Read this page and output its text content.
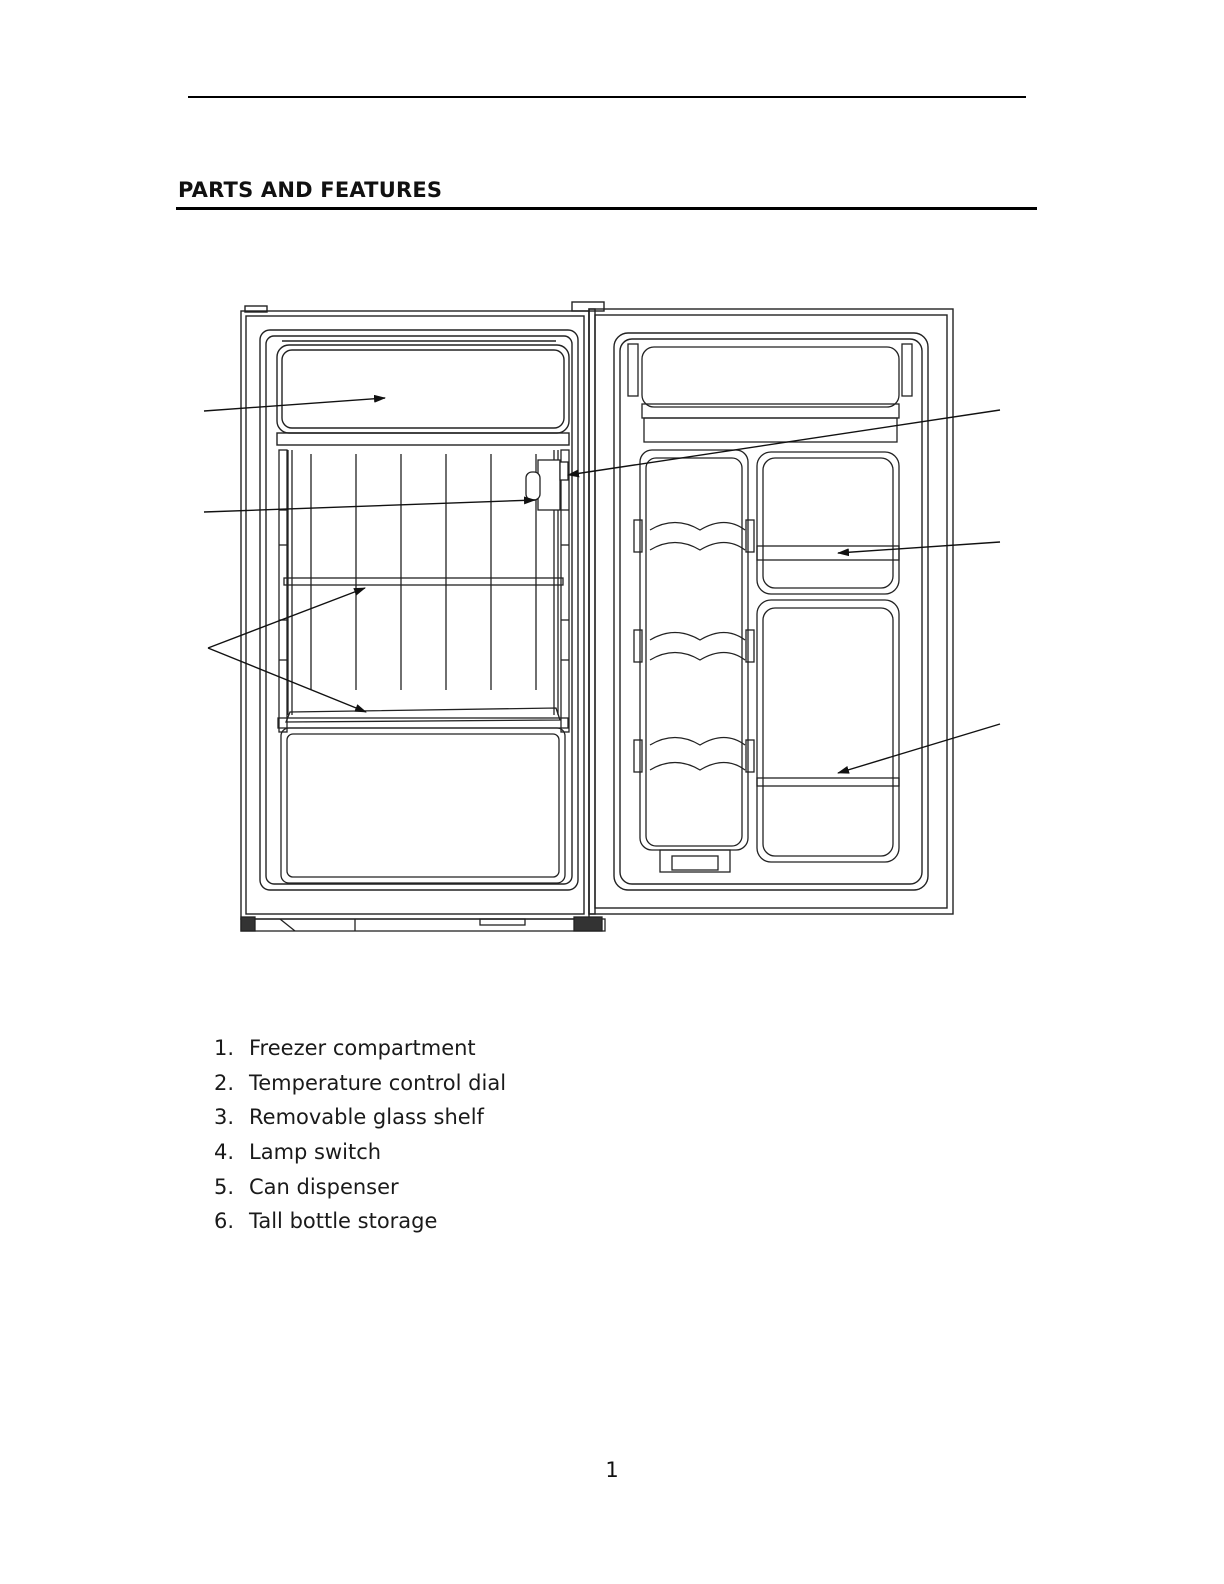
PARTS AND FEATURES
1. Freezer compartment
2. Temperature control dial
3. Removable glass shelf
4. Lamp switch
5. Can dispenser
6. Tall bottle storage
1
